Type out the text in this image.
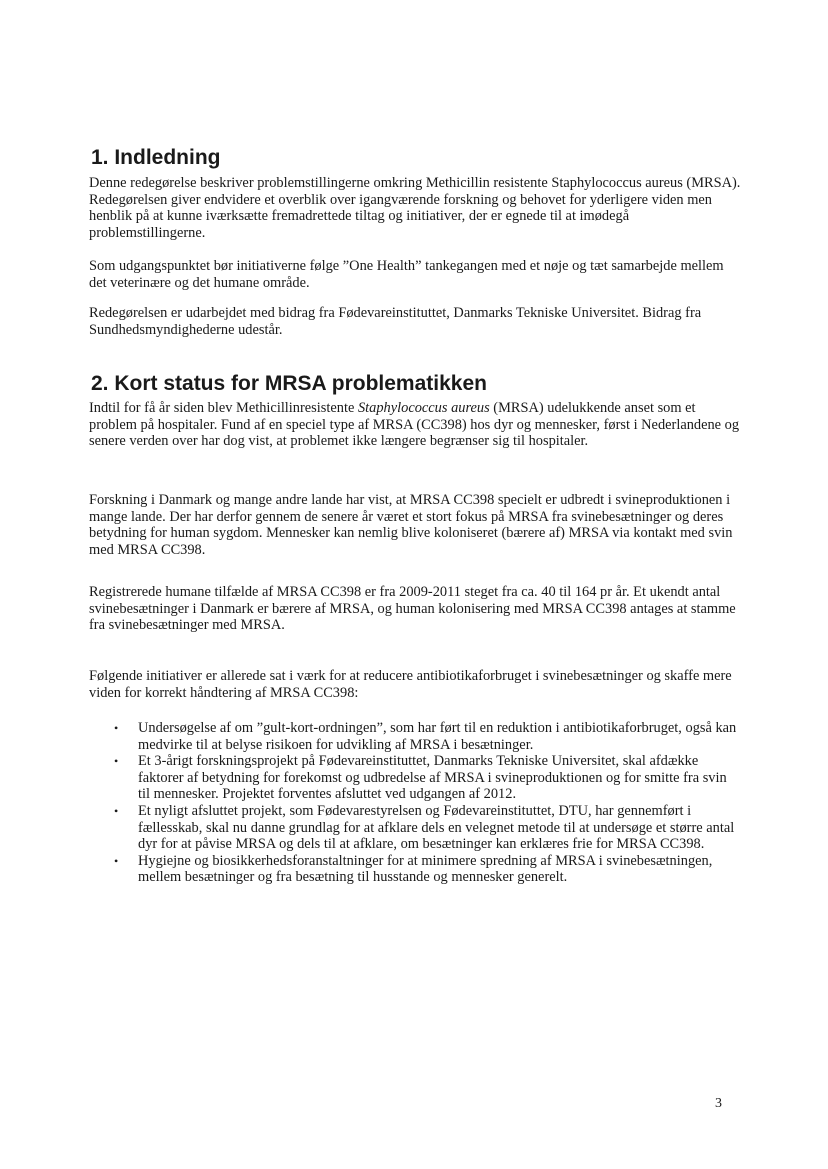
1. Indledning

Denne redegørelse beskriver problemstillingerne omkring Methicillin resistente Staphylococcus aureus (MRSA). Redegørelsen giver endvidere et overblik over igangværende forskning og behovet for yderligere viden men henblik på at kunne iværksætte fremadrettede tiltag og initiativer, der er egnede til at imødegå problemstillingerne.

Som udgangspunktet bør initiativerne følge ”One Health” tankegangen med et nøje og tæt samarbejde mellem det veterinære og det humane område.

Redegørelsen er udarbejdet med bidrag fra Fødevareinstituttet, Danmarks Tekniske Universitet. Bidrag fra Sundhedsmyndighederne udestår.

2. Kort status for MRSA problematikken

Indtil for få år siden blev Methicillinresistente Staphylococcus aureus (MRSA) udelukkende anset som et problem på hospitaler. Fund af en speciel type af MRSA (CC398) hos dyr og mennesker, først i Nederlandene og senere verden over har dog vist, at problemet ikke længere begrænser sig til hospitaler.

Forskning i Danmark og mange andre lande har vist, at MRSA CC398 specielt er udbredt i svineproduktionen i mange lande. Der har derfor gennem de senere år været et stort fokus på MRSA fra svinebesætninger og deres betydning for human sygdom. Mennesker kan nemlig blive koloniseret (bærere af) MRSA via kontakt med svin med MRSA CC398.

Registrerede humane tilfælde af MRSA CC398 er fra 2009-2011 steget fra ca. 40 til 164 pr år. Et ukendt antal svinebesætninger i Danmark er bærere af MRSA, og human kolonisering med MRSA CC398 antages at stamme fra svinebesætninger med MRSA.

Følgende initiativer er allerede sat i værk for at reducere antibiotikaforbruget i svinebesætninger og skaffe mere viden for korrekt håndtering af MRSA CC398:

• Undersøgelse af om ”gult-kort-ordningen”, som har ført til en reduktion i antibiotikaforbruget, også kan medvirke til at belyse risikoen for udvikling af MRSA i besætninger.
• Et 3-årigt forskningsprojekt på Fødevareinstituttet, Danmarks Tekniske Universitet, skal afdække faktorer af betydning for forekomst og udbredelse af MRSA i svineproduktionen og for smitte fra svin til mennesker. Projektet forventes afsluttet ved udgangen af 2012.
• Et nyligt afsluttet projekt, som Fødevarestyrelsen og Fødevareinstituttet, DTU, har gennemført i fællesskab, skal nu danne grundlag for at afklare dels en velegnet metode til at undersøge et større antal dyr for at påvise MRSA og dels til at afklare, om besætninger kan erklæres frie for MRSA CC398.
• Hygiejne og biosikkerhedsforanstaltninger for at minimere spredning af MRSA i svinebesætningen, mellem besætninger og fra besætning til husstande og mennesker generelt.
3
